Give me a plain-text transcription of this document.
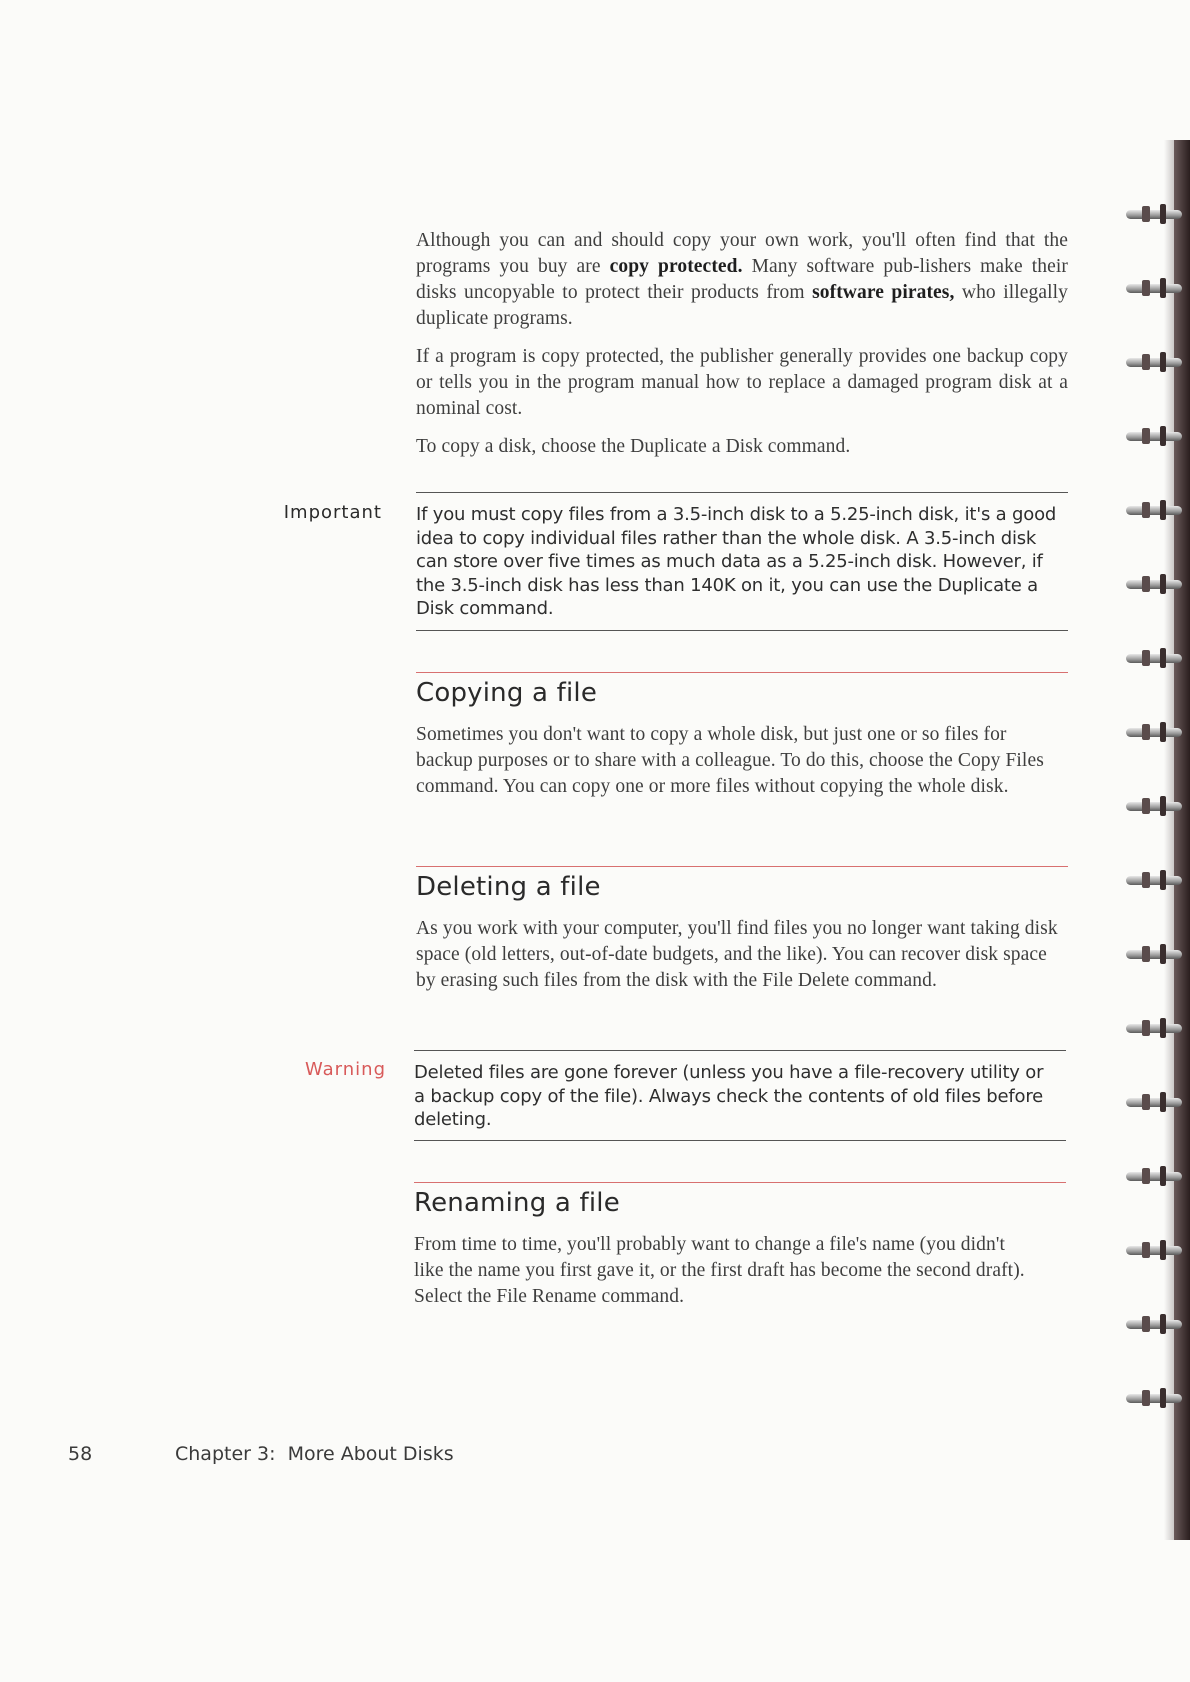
Although you can and should copy your own work, you'll often find that the programs you buy are copy protected. Many software pub-lishers make their disks uncopyable to protect their products from software pirates, who illegally duplicate programs.

If a program is copy protected, the publisher generally provides one backup copy or tells you in the program manual how to replace a damaged program disk at a nominal cost.

To copy a disk, choose the Duplicate a Disk command.

Important If you must copy files from a 3.5-inch disk to a 5.25-inch disk, it's a good idea to copy individual files rather than the whole disk. A 3.5-inch disk can store over five times as much data as a 5.25-inch disk. However, if the 3.5-inch disk has less than 140K on it, you can use the Duplicate a Disk command.

Copying a file

Sometimes you don't want to copy a whole disk, but just one or so files for backup purposes or to share with a colleague. To do this, choose the Copy Files command. You can copy one or more files without copying the whole disk.

Deleting a file

As you work with your computer, you'll find files you no longer want taking disk space (old letters, out-of-date budgets, and the like). You can recover disk space by erasing such files from the disk with the File Delete command.

Warning Deleted files are gone forever (unless you have a file-recovery utility or a backup copy of the file). Always check the contents of old files before deleting.

Renaming a file

From time to time, you'll probably want to change a file's name (you didn't like the name you first gave it, or the first draft has become the second draft). Select the File Rename command.

58	Chapter 3:  More About Disks
